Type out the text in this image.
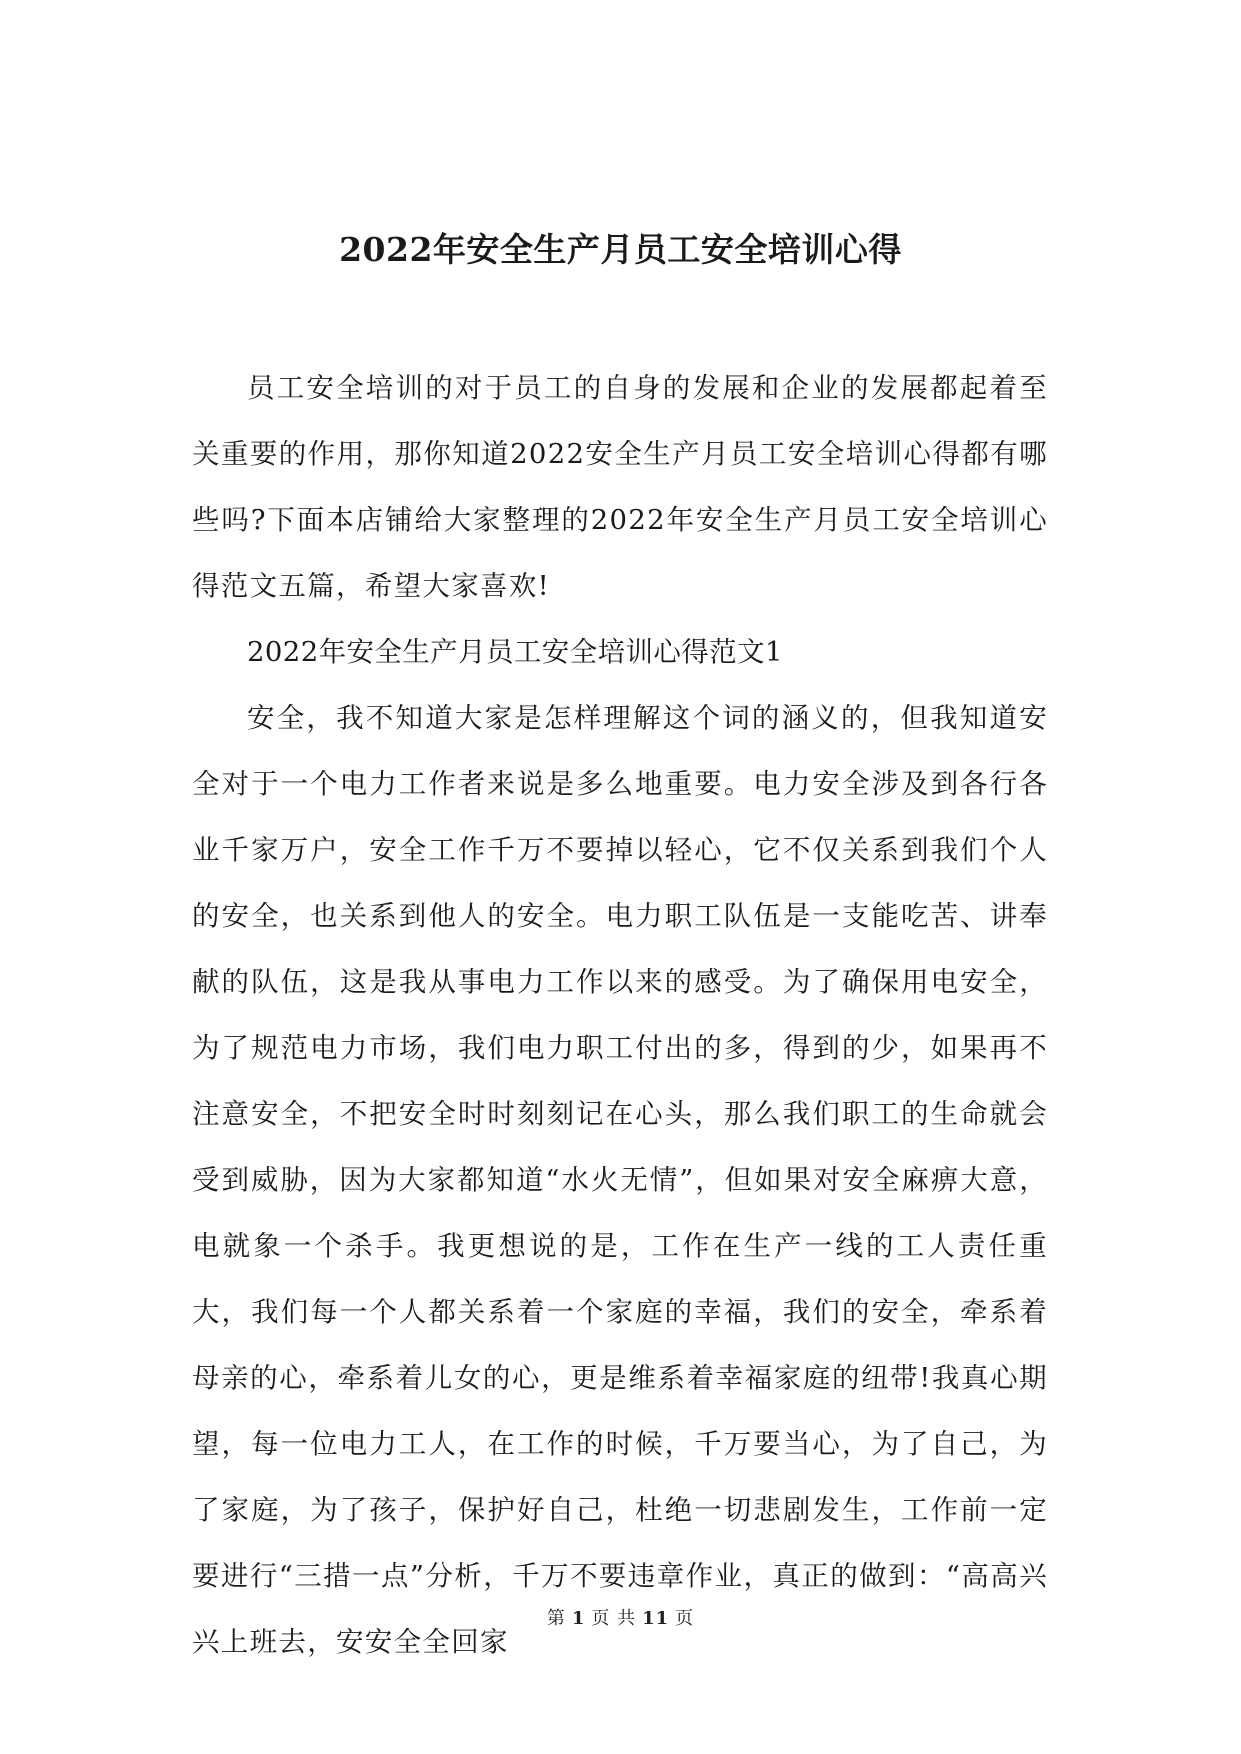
2022年安全生产月员工安全培训心得

员工安全培训的对于员工的自身的发展和企业的发展都起着至关重要的作用，那你知道2022安全生产月员工安全培训心得都有哪些吗?下面本店铺给大家整理的2022年安全生产月员工安全培训心得范文五篇，希望大家喜欢!

2022年安全生产月员工安全培训心得范文1

安全，我不知道大家是怎样理解这个词的涵义的，但我知道安全对于一个电力工作者来说是多么地重要。电力安全涉及到各行各业千家万户，安全工作千万不要掉以轻心，它不仅关系到我们个人的安全，也关系到他人的安全。电力职工队伍是一支能吃苦、讲奉献的队伍，这是我从事电力工作以来的感受。为了确保用电安全，为了规范电力市场，我们电力职工付出的多，得到的少，如果再不注意安全，不把安全时时刻刻记在心头，那么我们职工的生命就会受到威胁，因为大家都知道“水火无情”，但如果对安全麻痹大意，电就象一个杀手。我更想说的是，工作在生产一线的工人责任重大，我们每一个人都关系着一个家庭的幸福，我们的安全，牵系着母亲的心，牵系着儿女的心，更是维系着幸福家庭的纽带!我真心期望，每一位电力工人，在工作的时候，千万要当心，为了自己，为了家庭，为了孩子，保护好自己，杜绝一切悲剧发生，工作前一定要进行“三措一点”分析，千万不要违章作业，真正的做到：“高高兴兴上班去，安安全全回家

第 1 页 共 11 页
